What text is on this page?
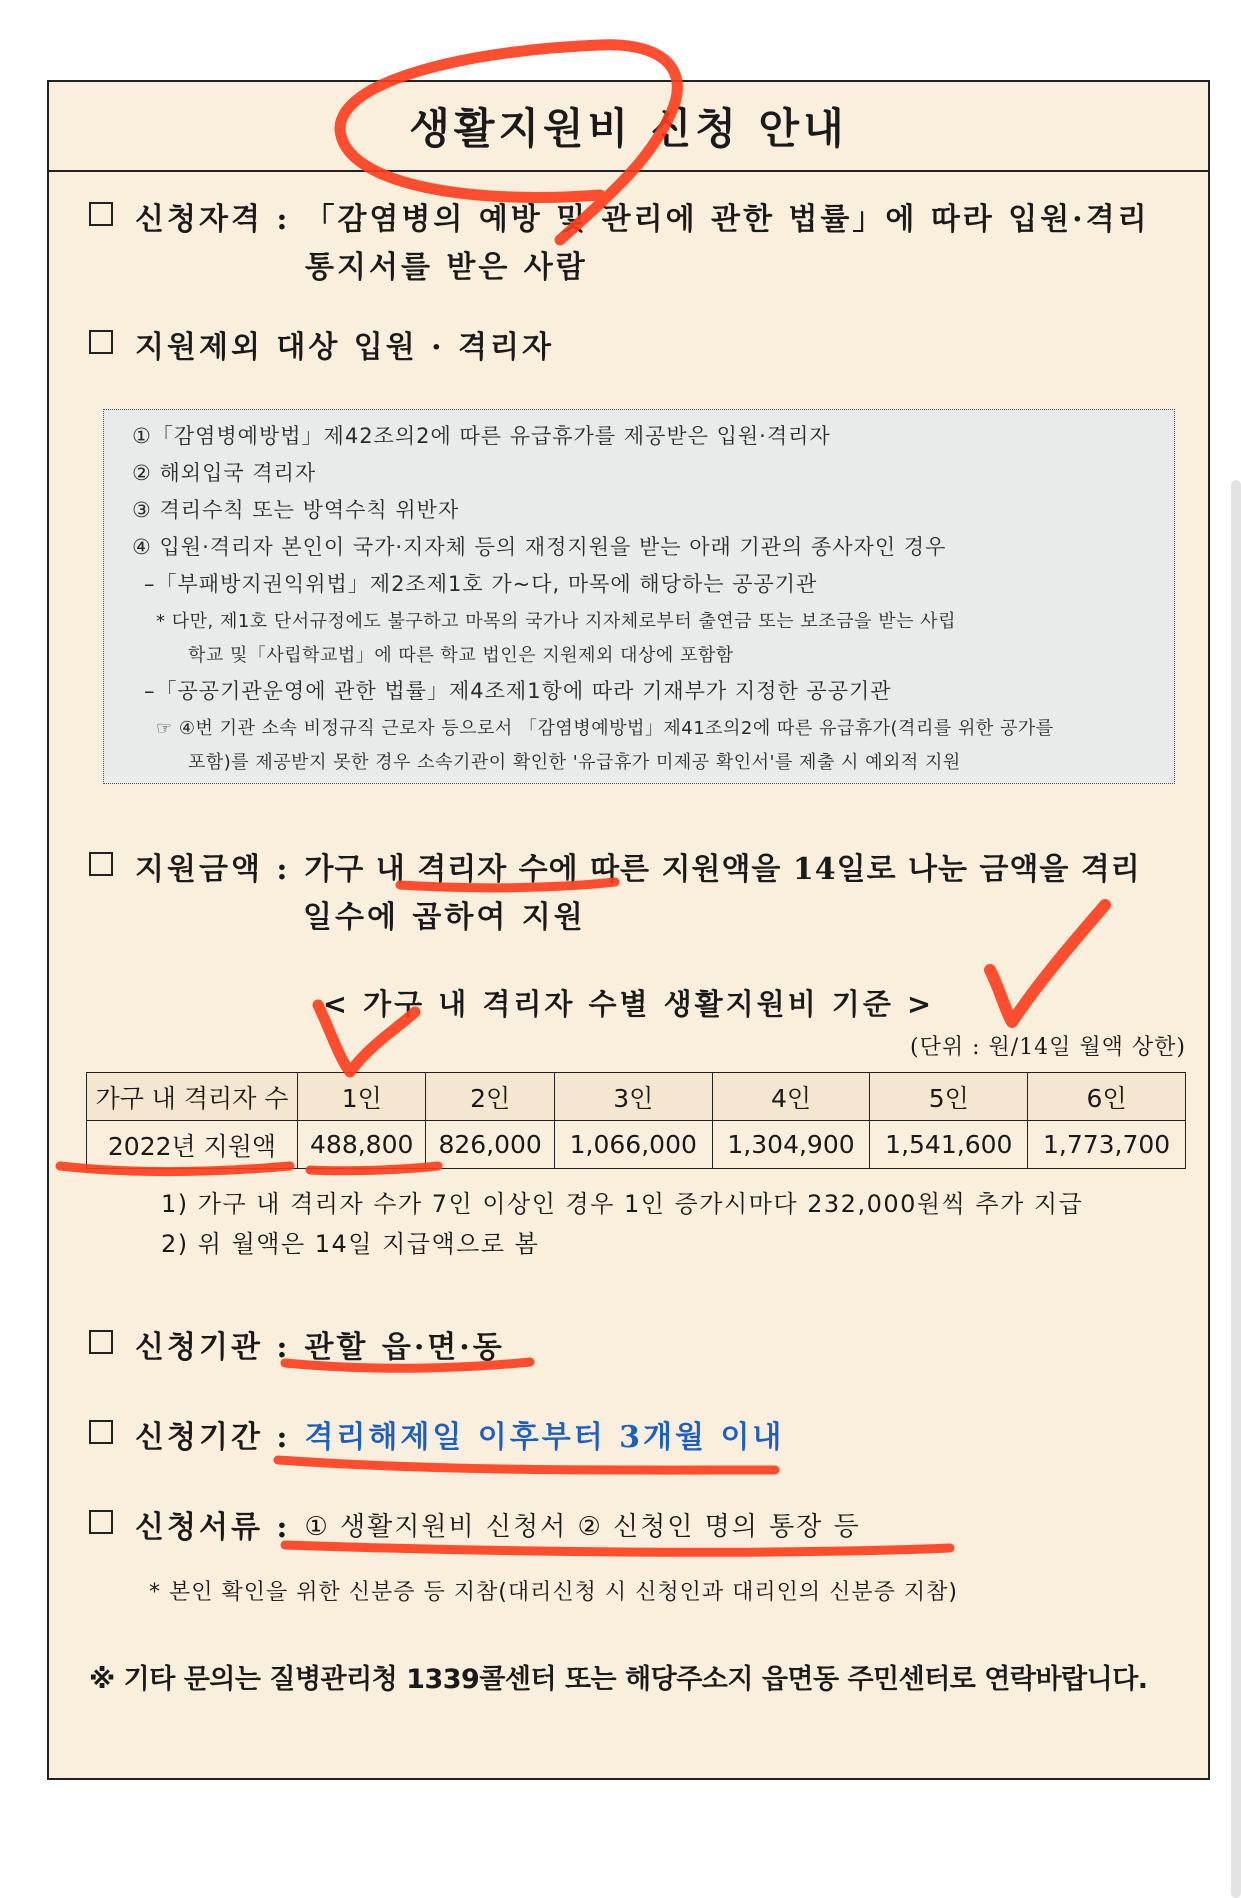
생활지원비 신청 안내
신청자격 : 「감염병의 예방 및 관리에 관한 법률」에 따라 입원·격리
통지서를 받은 사람
지원제외 대상 입원 · 격리자
①「감염병예방법」제42조의2에 따른 유급휴가를 제공받은 입원·격리자
② 해외입국 격리자
③ 격리수칙 또는 방역수칙 위반자
④ 입원·격리자 본인이 국가·지자체 등의 재정지원을 받는 아래 기관의 종사자인 경우
–「부패방지권익위법」제2조제1호 가~다, 마목에 해당하는 공공기관
* 다만, 제1호 단서규정에도 불구하고 마목의 국가나 지자체로부터 출연금 또는 보조금을 받는 사립
학교 및「사립학교법」에 따른 학교 법인은 지원제외 대상에 포함함
–「공공기관운영에 관한 법률」제4조제1항에 따라 기재부가 지정한 공공기관
☞ ④번 기관 소속 비정규직 근로자 등으로서 「감염병예방법」제41조의2에 따른 유급휴가(격리를 위한 공가를
포함)를 제공받지 못한 경우 소속기관이 확인한 '유급휴가 미제공 확인서'를 제출 시 예외적 지원
지원금액 : 가구 내 격리자 수에 따른 지원액을 14일로 나눈 금액을 격리
일수에 곱하여 지원
< 가구 내 격리자 수별 생활지원비 기준 >
(단위 : 원/14일 월액 상한)
가구 내 격리자 수	1인	2인	3인	4인	5인	6인
2022년 지원액	488,800	826,000	1,066,000	1,304,900	1,541,600	1,773,700
1) 가구 내 격리자 수가 7인 이상인 경우 1인 증가시마다 232,000원씩 추가 지급
2) 위 월액은 14일 지급액으로 봄
신청기관 : 관할 읍·면·동
신청기간 : 격리해제일 이후부터 3개월 이내
신청서류 : ① 생활지원비 신청서 ② 신청인 명의 통장 등
* 본인 확인을 위한 신분증 등 지참(대리신청 시 신청인과 대리인의 신분증 지참)
※ 기타 문의는 질병관리청 1339콜센터 또는 해당주소지 읍면동 주민센터로 연락바랍니다.
